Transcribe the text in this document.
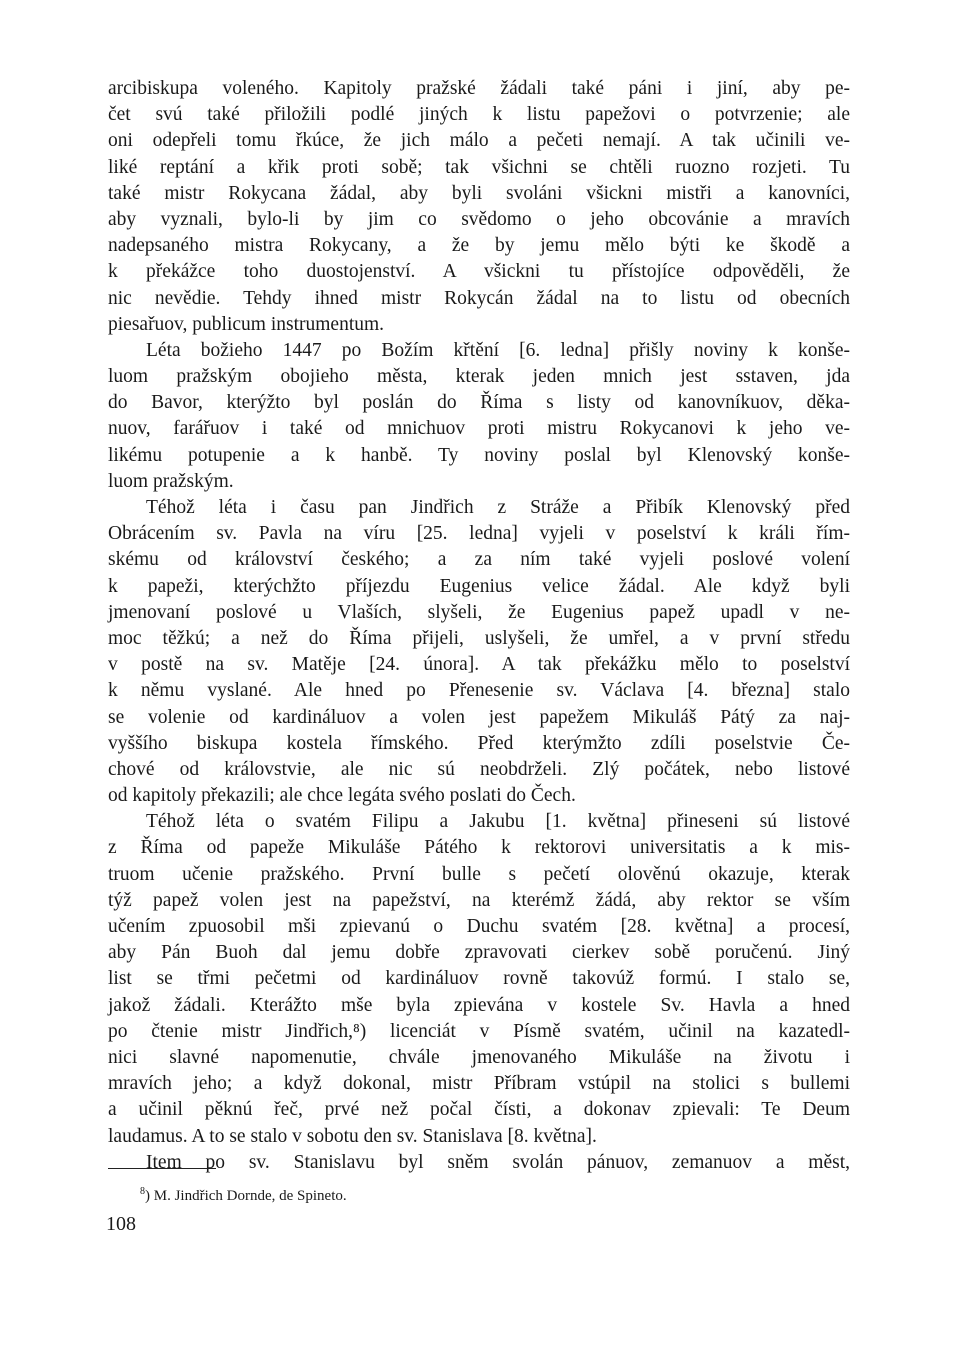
arcibiskupa voleného. Kapitoly pražské žádali také páni i jiní, aby pe-
čet svú také přiložili podlé jiných k listu papežovi o potvrzenie; ale
oni odepřeli tomu řkúce, že jich málo a pečeti nemají. A tak učinili ve-
liké reptání a křik proti sobě; tak všichni se chtěli ruozno rozjeti. Tu
také mistr Rokycana žádal, aby byli svoláni všickni mistři a kanovníci,
aby vyznali, bylo-li by jim co svědomo o jeho obcovánie a mravích
nadepsaného mistra Rokycany, a že by jemu mělo býti ke škodě a
k překážce toho duostojenství. A všickni tu přístojíce odpověděli, že
nic nevědie. Tehdy ihned mistr Rokycán žádal na to listu od obecních
piesařuov, publicum instrumentum.
Léta božieho 1447 po Božím křtění [6. ledna] přišly noviny k konše-
luom pražským obojieho města, kterak jeden mnich jest sstaven, jda
do Bavor, kterýžto byl poslán do Říma s listy od kanovníkuov, děka-
nuov, farářuov i také od mnichuov proti mistru Rokycanovi k jeho ve-
likému potupenie a k hanbě. Ty noviny poslal byl Klenovský konše-
luom pražským.
Téhož léta i času pan Jindřich z Stráže a Přibík Klenovský před
Obrácením sv. Pavla na víru [25. ledna] vyjeli v poselství k králi řím-
skému od království českého; a za ním také vyjeli poslové volení
k papeži, kterýchžto příjezdu Eugenius velice žádal. Ale když byli
jmenovaní poslové u Vlaších, slyšeli, že Eugenius papež upadl v ne-
moc těžkú; a než do Říma přijeli, uslyšeli, že umřel, a v první středu
v postě na sv. Matěje [24. února]. A tak překážku mělo to poselství
k němu vyslané. Ale hned po Přenesenie sv. Václava [4. března] stalo
se volenie od kardináluov a volen jest papežem Mikuláš Pátý za naj-
vyššího biskupa kostela římského. Před kterýmžto zdíli poselstvie Če-
chové od královstvie, ale nic sú neobdrželi. Zlý počátek, nebo listové
od kapitoly překazili; ale chce legáta svého poslati do Čech.
Téhož léta o svatém Filipu a Jakubu [1. května] přineseni sú listové
z Říma od papeže Mikuláše Pátého k rektorovi universitatis a k mis-
truom učenie pražského. První bulle s pečetí olověnú okazuje, kterak
týž papež volen jest na papežství, na kterémž žádá, aby rektor se vším
učením zpuosobil mši zpievanú o Duchu svatém [28. května] a procesí,
aby Pán Buoh dal jemu dobře zpravovati cierkev sobě poručenú. Jiný
list se třmi pečetmi od kardináluov rovně takovúž formú. I stalo se,
jakož žádali. Kterážto mše byla zpievána v kostele Sv. Havla a hned
po čtenie mistr Jindřich,⁸) licenciát v Písmě svatém, učinil na kazatedl-
nici slavné napomenutie, chvále jmenovaného Mikuláše na životu i
mravích jeho; a když dokonal, mistr Příbram vstúpil na stolici s bullemi
a učinil pěknú řeč, prvé než počal čísti, a dokonav zpievali: Te Deum
laudamus. A to se stalo v sobotu den sv. Stanislava [8. května].
Item po sv. Stanislavu byl sněm svolán pánuov, zemanuov a měst,
$^8$) M. Jindřich Dornde, de Spineto.
108
